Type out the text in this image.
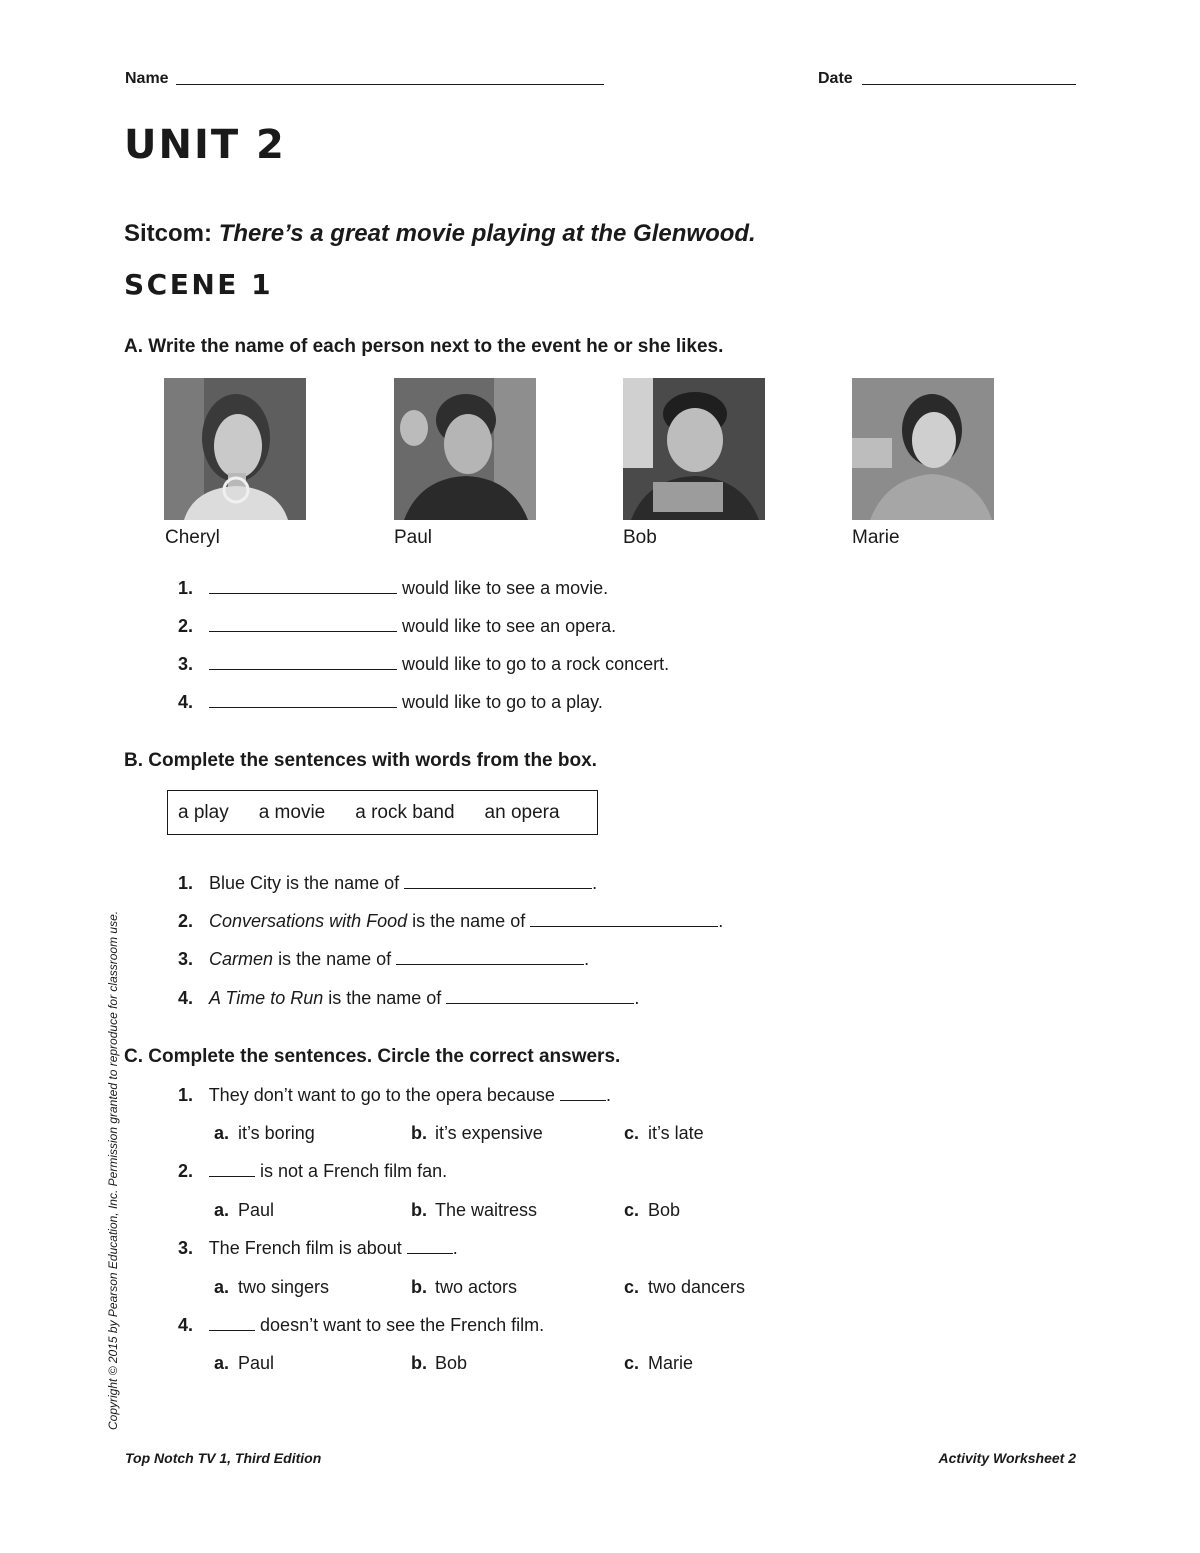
Name	Date
UNIT 2
Sitcom: There’s a great movie playing at the Glenwood.
SCENE 1
A. Write the name of each person next to the event he or she likes.
Cheryl	Paul	Bob	Marie
1.	would like to see a movie.
2.	would like to see an opera.
3.	would like to go to a rock concert.
4.	would like to go to a play.
B. Complete the sentences with words from the box.
a play a movie a rock band an opera
1. Blue City is the name of	.
2. Conversations with Food is the name of	.
3. Carmen is the name of	.
4. A Time to Run is the name of	.
C. Complete the sentences. Circle the correct answers.
1. They don’t want to go to the opera because	.
a. it’s boring	b. it’s expensive	c. it’s late
2.	is not a French film fan.
a. Paul	b. The waitress	c. Bob
3. The French film is about	.
a. two singers	b. two actors	c. two dancers
4.	doesn’t want to see the French film.
a. Paul	b. Bob	c. Marie
Copyright © 2015 by Pearson Education, Inc. Permission granted to reproduce for classroom use.
Top Notch TV 1, Third Edition	Activity Worksheet 2
